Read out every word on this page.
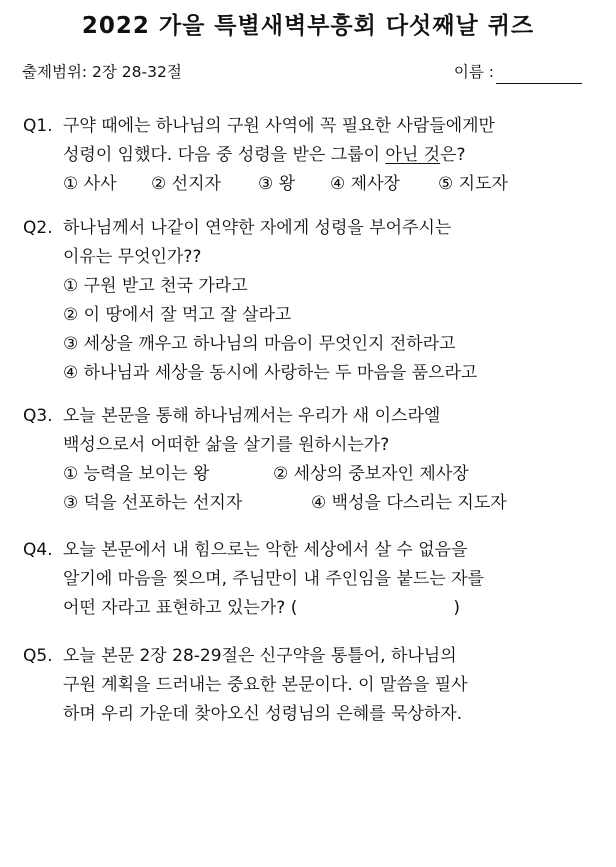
2022 가을 특별새벽부흥회 다섯째날 퀴즈
출제범위: 2장 28-32절	이름 :
Q1. 구약 때에는 하나님의 구원 사역에 꼭 필요한 사람들에게만
성령이 임했다. 다음 중 성령을 받은 그룹이 아닌 것은?
① 사사 ② 선지자 ③ 왕 ④ 제사장 ⑤ 지도자
Q2. 하나님께서 나같이 연약한 자에게 성령을 부어주시는
이유는 무엇인가??
① 구원 받고 천국 가라고
② 이 땅에서 잘 먹고 잘 살라고
③ 세상을 깨우고 하나님의 마음이 무엇인지 전하라고
④ 하나님과 세상을 동시에 사랑하는 두 마음을 품으라고
Q3. 오늘 본문을 통해 하나님께서는 우리가 새 이스라엘
백성으로서 어떠한 삶을 살기를 원하시는가?
① 능력을 보이는 왕	② 세상의 중보자인 제사장
③ 덕을 선포하는 선지자	④ 백성을 다스리는 지도자
Q4. 오늘 본문에서 내 힘으로는 악한 세상에서 살 수 없음을
알기에 마음을 찢으며, 주님만이 내 주인임을 붙드는 자를
어떤 자라고 표현하고 있는가? (	)
Q5. 오늘 본문 2장 28-29절은 신구약을 통틀어, 하나님의
구원 계획을 드러내는 중요한 본문이다. 이 말씀을 필사
하며 우리 가운데 찾아오신 성령님의 은혜를 묵상하자.
